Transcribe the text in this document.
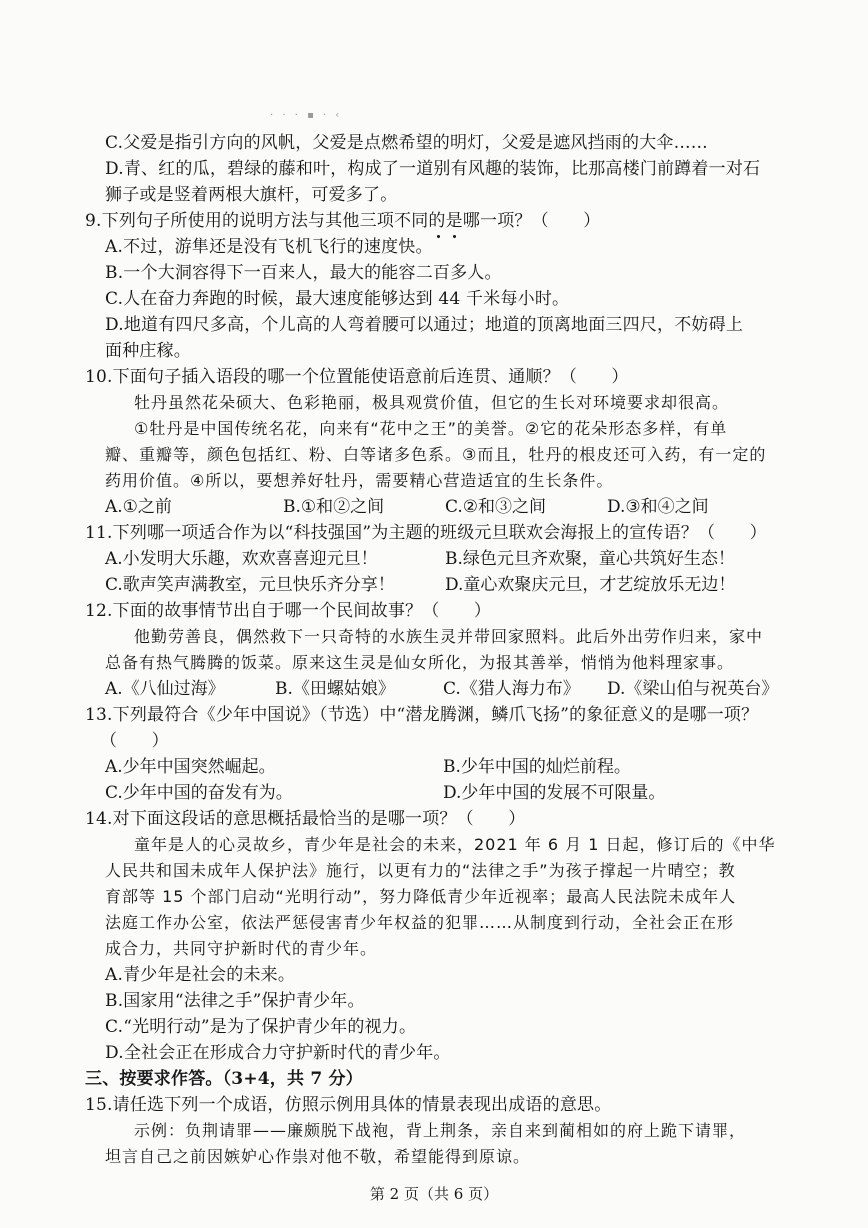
· · · ▪ · ‹
C.父爱是指引方向的风帆，父爱是点燃希望的明灯，父爱是遮风挡雨的大伞……
D.青、红的瓜，碧绿的藤和叶，构成了一道别有风趣的装饰，比那高楼门前蹲着一对石
狮子或是竖着两根大旗杆，可爱多了。
9.下列句子所使用的说明方法与其他三项不同的是哪一项？（　　）
A.不过，游隼还是没有飞机飞行的速度快。
B.一个大洞容得下一百来人，最大的能容二百多人。
C.人在奋力奔跑的时候，最大速度能够达到 44 千米每小时。
D.地道有四尺多高，个儿高的人弯着腰可以通过；地道的顶离地面三四尺，不妨碍上
面种庄稼。
10.下面句子插入语段的哪一个位置能使语意前后连贯、通顺？（　　）
牡丹虽然花朵硕大、色彩艳丽，极具观赏价值，但它的生长对环境要求却很高。
①牡丹是中国传统名花，向来有“花中之王”的美誉。②它的花朵形态多样，有单
瓣、重瓣等，颜色包括红、粉、白等诸多色系。③而且，牡丹的根皮还可入药，有一定的
药用价值。④所以，要想养好牡丹，需要精心营造适宜的生长条件。
A.①之前	B.①和②之间	C.②和③之间	D.③和④之间
11.下列哪一项适合作为以“科技强国”为主题的班级元旦联欢会海报上的宣传语？（　　）
A.小发明大乐趣，欢欢喜喜迎元旦！	B.绿色元旦齐欢聚，童心共筑好生态！
C.歌声笑声满教室，元旦快乐齐分享！	D.童心欢聚庆元旦，才艺绽放乐无边！
12.下面的故事情节出自于哪一个民间故事？（　　）
他勤劳善良，偶然救下一只奇特的水族生灵并带回家照料。此后外出劳作归来，家中
总备有热气腾腾的饭菜。原来这生灵是仙女所化，为报其善举，悄悄为他料理家事。
A.《八仙过海》	B.《田螺姑娘》	C.《猎人海力布》 D.《梁山伯与祝英台》
13.下列最符合《少年中国说》（节选）中“潜龙腾渊，鳞爪飞扬”的象征意义的是哪一项？
（　　）
A.少年中国突然崛起。	B.少年中国的灿烂前程。
C.少年中国的奋发有为。	D.少年中国的发展不可限量。
14.对下面这段话的意思概括最恰当的是哪一项？（　　）
童年是人的心灵故乡，青少年是社会的未来，2021 年 6 月 1 日起，修订后的《中华
人民共和国未成年人保护法》施行，以更有力的“法律之手”为孩子撑起一片晴空；教
育部等 15 个部门启动“光明行动”，努力降低青少年近视率；最高人民法院未成年人
法庭工作办公室，依法严惩侵害青少年权益的犯罪……从制度到行动，全社会正在形
成合力，共同守护新时代的青少年。
A.青少年是社会的未来。
B.国家用“法律之手”保护青少年。
C.“光明行动”是为了保护青少年的视力。
D.全社会正在形成合力守护新时代的青少年。
三、按要求作答。（3+4，共 7 分）
15.请任选下列一个成语，仿照示例用具体的情景表现出成语的意思。
示例：负荆请罪——廉颇脱下战袍，背上荆条，亲自来到蔺相如的府上跪下请罪，
坦言自己之前因嫉妒心作祟对他不敬，希望能得到原谅。
第 2 页（共 6 页）
